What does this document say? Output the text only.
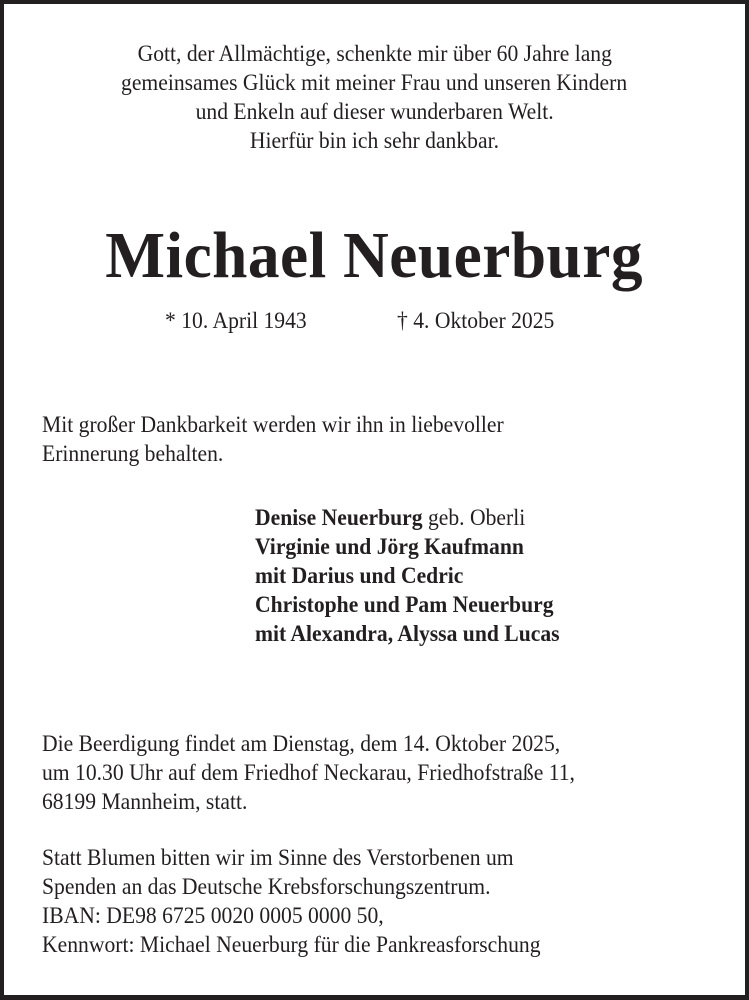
Gott, der Allmächtige, schenkte mir über 60 Jahre lang
gemeinsames Glück mit meiner Frau und unseren Kindern
und Enkeln auf dieser wunderbaren Welt.
Hierfür bin ich sehr dankbar.
Michael Neuerburg
* 10. April 1943	† 4. Oktober 2025
Mit großer Dankbarkeit werden wir ihn in liebevoller
Erinnerung behalten.
Denise Neuerburg geb. Oberli
Virginie und Jörg Kaufmann
mit Darius und Cedric
Christophe und Pam Neuerburg
mit Alexandra, Alyssa und Lucas
Die Beerdigung findet am Dienstag, dem 14. Oktober 2025,
um 10.30 Uhr auf dem Friedhof Neckarau, Friedhofstraße 11,
68199 Mannheim, statt.
Statt Blumen bitten wir im Sinne des Verstorbenen um
Spenden an das Deutsche Krebsforschungszentrum.
IBAN: DE98 6725 0020 0005 0000 50,
Kennwort: Michael Neuerburg für die Pankreasforschung
